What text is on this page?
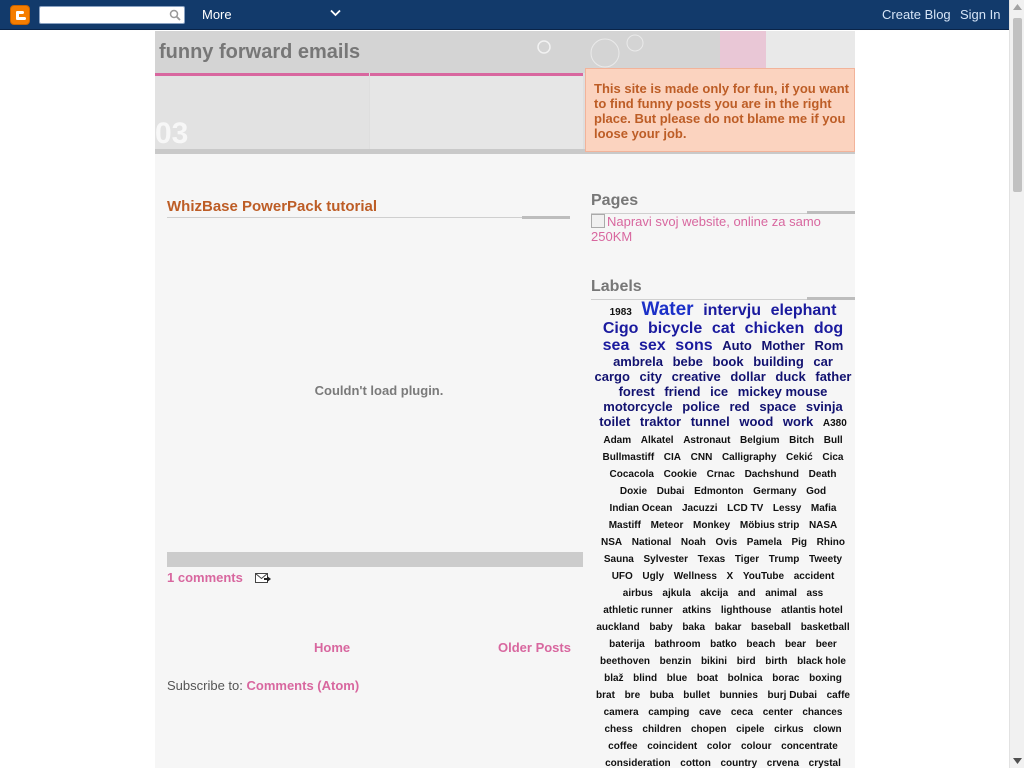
More	Create Blog Sign In
03
funny forward emails
This site is made only for fun, if you want to find funny posts you are in the right place. But please do not blame me if you loose your job.
WhizBase PowerPack tutorial
Couldn't load plugin.
1 comments
Home	Older Posts
Subscribe to: Comments (Atom)
Pages
Napravi svoj website, online za samo 250KM
Labels
1983 Water intervju elephant Cigo bicycle cat chicken dog sea sex sons Auto Mother Rom ambrela bebe book building car cargo city creative dollar duck father forest friend ice mickey mouse motorcycle police red space svinja toilet traktor tunnel wood work A380 Adam Alkatel Astronaut Belgium Bitch Bull Bullmastiff CIA CNN Calligraphy Cekić Cica Cocacola Cookie Crnac Dachshund Death Doxie Dubai Edmonton Germany God Indian Ocean Jacuzzi LCD TV Lessy Mafia Mastiff Meteor Monkey Möbius strip NASA NSA National Noah Ovis Pamela Pig Rhino Sauna Sylvester Texas Tiger Trump Tweety UFO Ugly Wellness X YouTube accident airbus ajkula akcija and animal ass athletic runner atkins lighthouse atlantis hotel auckland baby baka bakar baseball basketball baterija bathroom batko beach bear beer beethoven benzin bikini bird birth black hole blaž blind blue boat bolnica borac boxing brat bre buba bullet bunnies burj Dubai caffe camera camping cave ceca center chances chess children chopen cipele cirkus clown coffee coincident color colour concentrate consideration cotton country crvena crystal
